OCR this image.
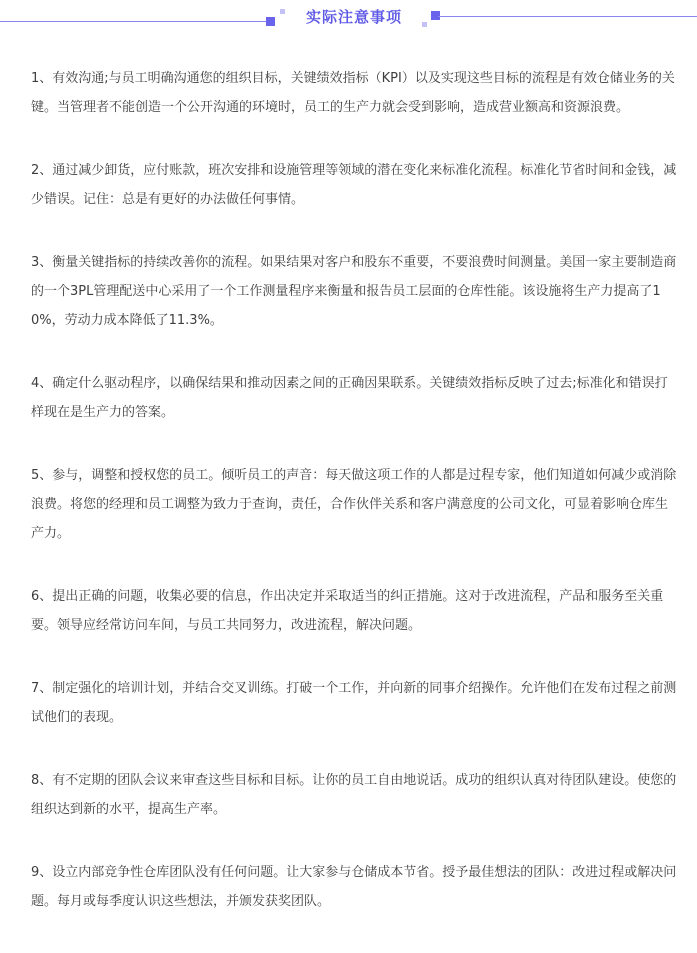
实际注意事项

1、有效沟通;与员工明确沟通您的组织目标，关键绩效指标（KPI）以及实现这些目标的流程是有效仓储业务的关键。当管理者不能创造一个公开沟通的环境时，员工的生产力就会受到影响，造成营业额高和资源浪费。

2、通过减少卸货，应付账款，班次安排和设施管理等领域的潜在变化来标准化流程。标准化节省时间和金钱，减少错误。记住：总是有更好的办法做任何事情。

3、衡量关键指标的持续改善你的流程。如果结果对客户和股东不重要，不要浪费时间测量。美国一家主要制造商的一个3PL管理配送中心采用了一个工作测量程序来衡量和报告员工层面的仓库性能。该设施将生产力提高了10%，劳动力成本降低了11.3%。

4、确定什么驱动程序，以确保结果和推动因素之间的正确因果联系。关键绩效指标反映了过去;标准化和错误打样现在是生产力的答案。

5、参与，调整和授权您的员工。倾听员工的声音：每天做这项工作的人都是过程专家，他们知道如何减少或消除浪费。将您的经理和员工调整为致力于查询，责任，合作伙伴关系和客户满意度的公司文化，可显着影响仓库生产力。

6、提出正确的问题，收集必要的信息，作出决定并采取适当的纠正措施。这对于改进流程，产品和服务至关重要。领导应经常访问车间，与员工共同努力，改进流程，解决问题。

7、制定强化的培训计划，并结合交叉训练。打破一个工作，并向新的同事介绍操作。允许他们在发布过程之前测试他们的表现。

8、有不定期的团队会议来审查这些目标和目标。让你的员工自由地说话。成功的组织认真对待团队建设。使您的组织达到新的水平，提高生产率。

9、设立内部竞争性仓库团队没有任何问题。让大家参与仓储成本节省。授予最佳想法的团队：改进过程或解决问题。每月或每季度认识这些想法，并颁发获奖团队。
